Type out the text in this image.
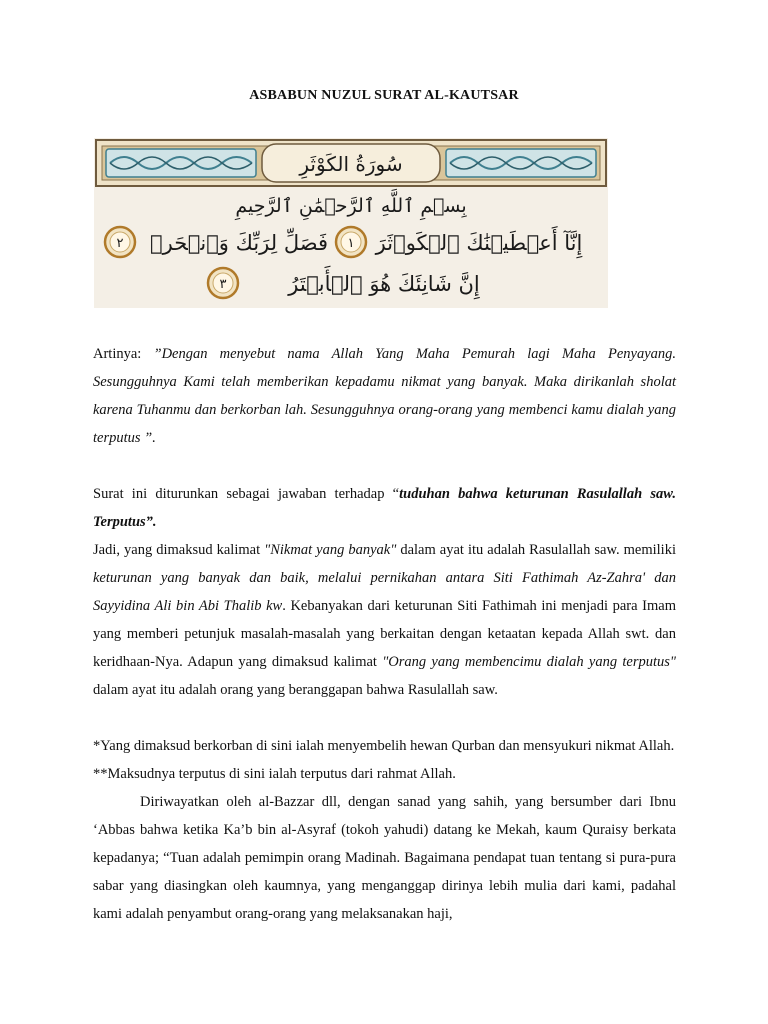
ASBABUN NUZUL SURAT AL-KAUTSAR
سُورَةُ الكَوْثَرِ
بِسۡمِ ٱللَّهِ ٱلرَّحۡمَٰنِ ٱلرَّحِيمِ
٢ فَصَلِّ لِرَبِّكَ وَٱنۡحَرۡ ١ إِنَّآ أَعۡطَيۡنَٰكَ ٱلۡكَوۡثَرَ
٣	إِنَّ شَانِئَكَ هُوَ ٱلۡأَبۡتَرُ

Artinya: ”Dengan menyebut nama Allah Yang Maha Pemurah lagi Maha Penyayang. Sesungguhnya Kami telah memberikan kepadamu nikmat yang banyak. Maka dirikanlah sholat karena Tuhanmu dan berkorban lah. Sesungguhnya orang-orang yang membenci kamu dialah yang terputus ”.

Surat ini diturunkan sebagai jawaban terhadap “tuduhan bahwa keturunan Rasulallah saw. Terputus”.

Jadi, yang dimaksud kalimat "Nikmat yang banyak" dalam ayat itu adalah Rasulallah saw. memiliki keturunan yang banyak dan baik, melalui pernikahan antara Siti Fathimah Az-Zahra' dan Sayyidina Ali bin Abi Thalib kw. Kebanyakan dari keturunan Siti Fathimah ini menjadi para Imam yang memberi petunjuk masalah-masalah yang berkaitan dengan ketaatan kepada Allah swt. dan keridhaan-Nya. Adapun yang dimaksud kalimat "Orang yang membencimu dialah yang terputus" dalam ayat itu adalah orang yang beranggapan bahwa Rasulallah saw.

*Yang dimaksud berkorban di sini ialah menyembelih hewan Qurban dan mensyukuri nikmat Allah.

**Maksudnya terputus di sini ialah terputus dari rahmat Allah.

Diriwayatkan oleh al-Bazzar dll, dengan sanad yang sahih, yang bersumber dari Ibnu ‘Abbas bahwa ketika Ka’b bin al-Asyraf (tokoh yahudi) datang ke Mekah, kaum Quraisy berkata kepadanya; “Tuan adalah pemimpin orang Madinah. Bagaimana pendapat tuan tentang si pura-pura sabar yang diasingkan oleh kaumnya, yang menganggap dirinya lebih mulia dari kami, padahal kami adalah penyambut orang-orang yang melaksanakan haji,
